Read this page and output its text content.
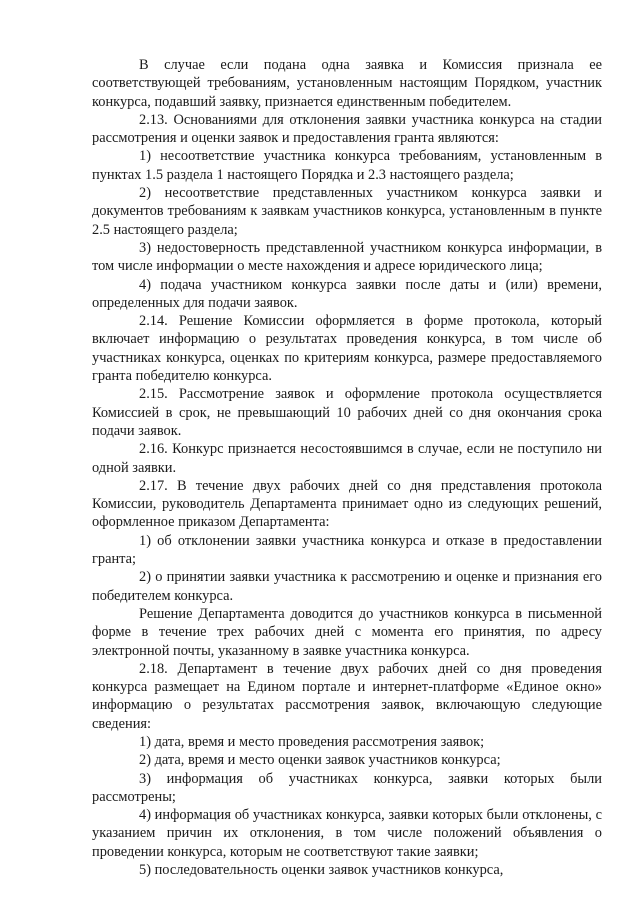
В случае если подана одна заявка и Комиссия признала ее соответствующей требованиям, установленным настоящим Порядком, участник конкурса, подавший заявку, признается единственным победителем.

2.13. Основаниями для отклонения заявки участника конкурса на стадии рассмотрения и оценки заявок и предоставления гранта являются:

1) несоответствие участника конкурса требованиям, установленным в пунктах 1.5 раздела 1 настоящего Порядка и 2.3 настоящего раздела;

2) несоответствие представленных участником конкурса заявки и документов требованиям к заявкам участников конкурса, установленным в пункте 2.5 настоящего раздела;

3) недостоверность представленной участником конкурса информации, в том числе информации о месте нахождения и адресе юридического лица;

4) подача участником конкурса заявки после даты и (или) времени, определенных для подачи заявок.

2.14. Решение Комиссии оформляется в форме протокола, который включает информацию о результатах проведения конкурса, в том числе об участниках конкурса, оценках по критериям конкурса, размере предоставляемого гранта победителю конкурса.

2.15. Рассмотрение заявок и оформление протокола осуществляется Комиссией в срок, не превышающий 10 рабочих дней со дня окончания срока подачи заявок.

2.16. Конкурс признается несостоявшимся в случае, если не поступило ни одной заявки.

2.17. В течение двух рабочих дней со дня представления протокола Комиссии, руководитель Департамента принимает одно из следующих решений, оформленное приказом Департамента:

1) об отклонении заявки участника конкурса и отказе в предоставлении гранта;

2) о принятии заявки участника к рассмотрению и оценке и признания его победителем конкурса.

Решение Департамента доводится до участников конкурса в письменной форме в течение трех рабочих дней с момента его принятия, по адресу электронной почты, указанному в заявке участника конкурса.

2.18. Департамент в течение двух рабочих дней со дня проведения конкурса размещает на Едином портале и интернет-платформе «Единое окно» информацию о результатах рассмотрения заявок, включающую следующие сведения:

1) дата, время и место проведения рассмотрения заявок;

2) дата, время и место оценки заявок участников конкурса;

3) информация об участниках конкурса, заявки которых были рассмотрены;

4) информация об участниках конкурса, заявки которых были отклонены, с указанием причин их отклонения, в том числе положений объявления о проведении конкурса, которым не соответствуют такие заявки;

5) последовательность оценки заявок участников конкурса,
